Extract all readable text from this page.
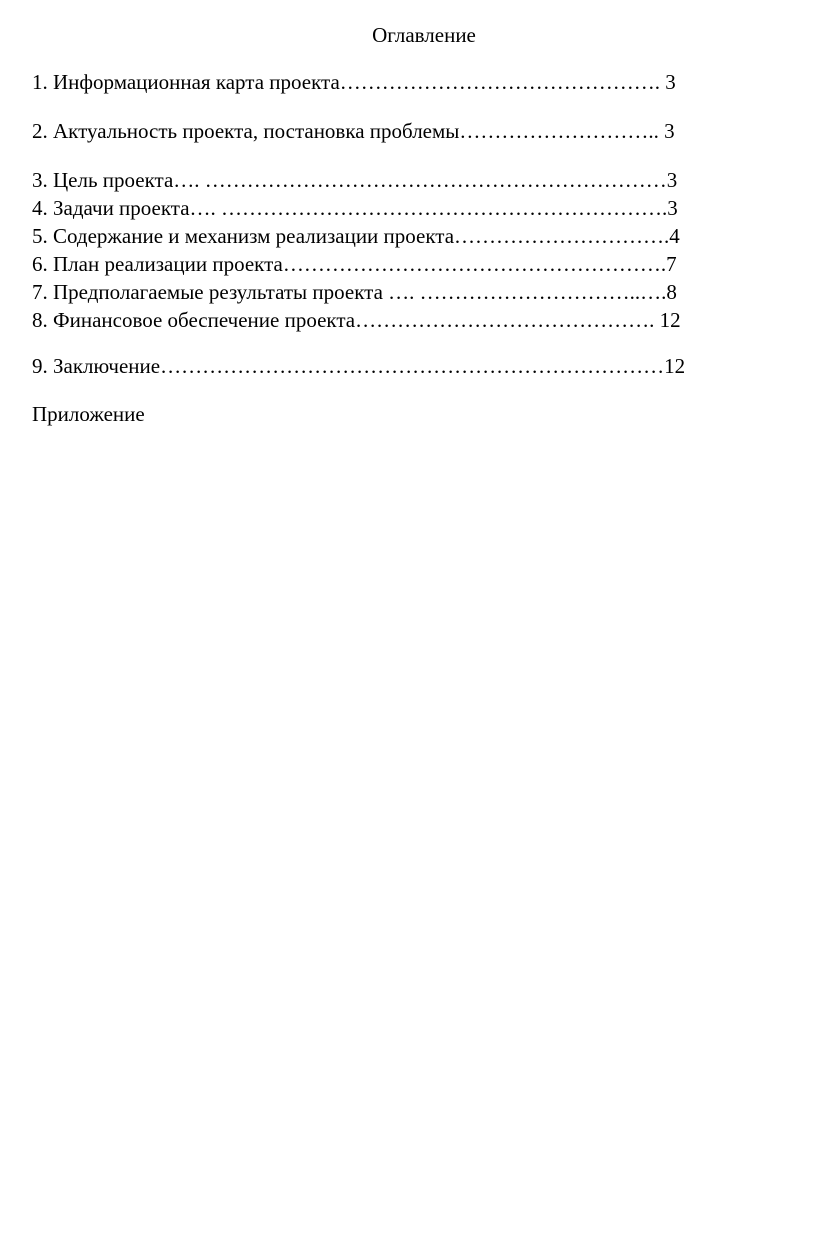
Оглавление
1. Информационная карта проекта………………………………………. 3
2. Актуальность проекта, постановка проблемы……………………….. 3
3. Цель проекта…. …………………………………………………………3
4. Задачи проекта…. ……………………………………………………….3
5. Содержание и механизм реализации проекта………………………….4
6. План реализации проекта……………………………………………….7
7. Предполагаемые результаты проекта …. …………………………..….8
8. Финансовое обеспечение проекта……………………………………. 12
9. Заключение………………………………………………………………12
Приложение
